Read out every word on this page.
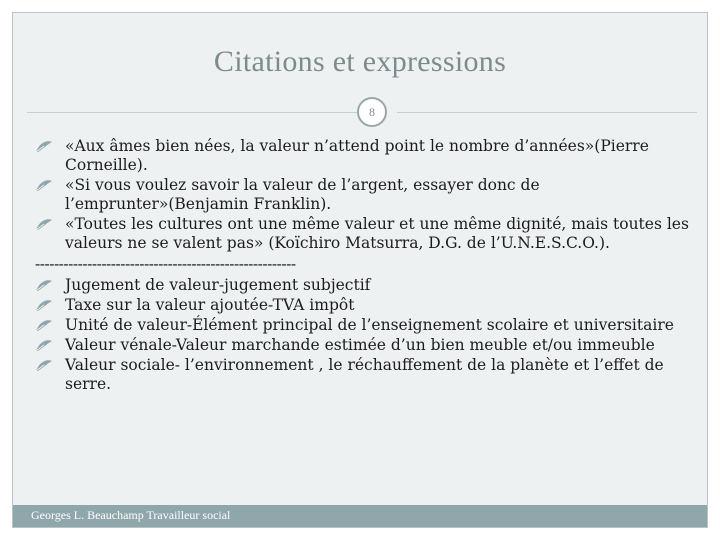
Citations et expressions
8
«Aux âmes bien nées, la valeur n’attend point le nombre d’années»(Pierre Corneille).
«Si vous voulez savoir la valeur de l’argent, essayer donc de l’emprunter»(Benjamin Franklin).
«Toutes les cultures ont une même valeur et une même dignité, mais toutes les valeurs ne se valent pas» (Koïchiro Matsurra, D.G. de l’U.N.E.S.C.O.).
-------------------------------------------------------
Jugement de valeur-jugement subjectif
Taxe sur la valeur ajoutée-TVA impôt
Unité de valeur-Élément principal de l’enseignement scolaire et universitaire
Valeur vénale-Valeur marchande estimée d’un bien meuble et/ou immeuble
Valeur sociale- l’environnement , le réchauffement de la planète et l’effet de serre.
Georges L. Beauchamp Travailleur social
